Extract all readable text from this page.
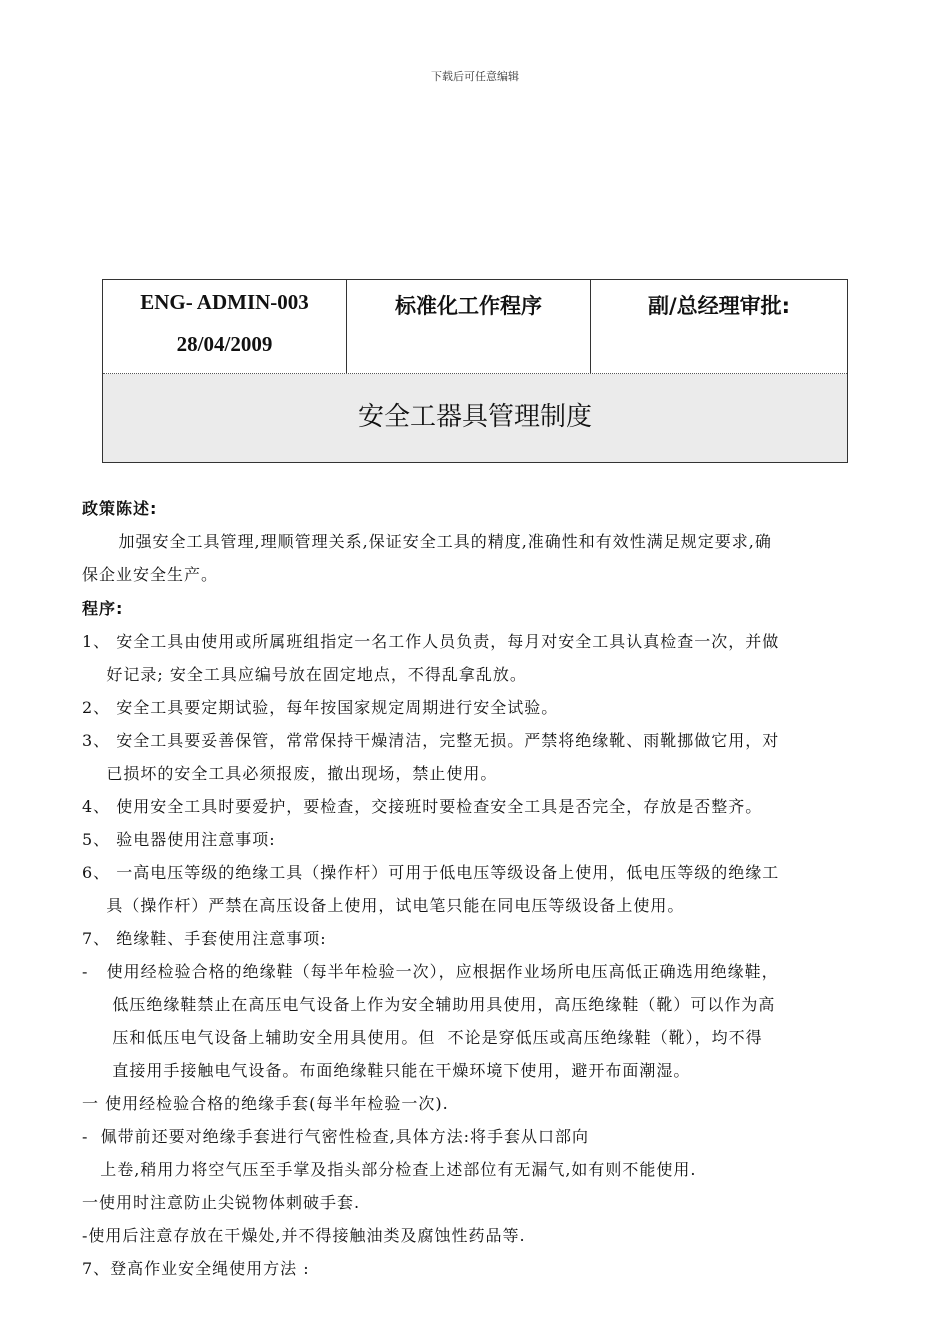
下载后可任意编辑
ENG- ADMIN-003
28/04/2009
标准化工作程序	副/总经理审批:
安全工器具管理制度
政策陈述:
加强安全工具管理,理顺管理关系,保证安全工具的精度,准确性和有效性满足规定要求,确
保企业安全生产。
程序:
1、 安全工具由使用或所属班组指定一名工作人员负责，每月对安全工具认真检查一次，并做
好记录; 安全工具应编号放在固定地点，不得乱拿乱放。
2、 安全工具要定期试验，每年按国家规定周期进行安全试验。
3、 安全工具要妥善保管，常常保持干燥清洁，完整无损。严禁将绝缘靴、雨靴挪做它用，对
已损坏的安全工具必须报废，撤出现场，禁止使用。
4、 使用安全工具时要爱护，要检查，交接班时要检查安全工具是否完全，存放是否整齐。
5、 验电器使用注意事项:
6、 一高电压等级的绝缘工具（操作杆）可用于低电压等级设备上使用，低电压等级的绝缘工
具（操作杆）严禁在高压设备上使用，试电笔只能在同电压等级设备上使用。
7、 绝缘鞋、手套使用注意事项:
-   使用经检验合格的绝缘鞋（每半年检验一次），应根据作业场所电压高低正确选用绝缘鞋，
低压绝缘鞋禁止在高压电气设备上作为安全辅助用具使用，高压绝缘鞋（靴）可以作为高
压和低压电气设备上辅助安全用具使用。但  不论是穿低压或高压绝缘鞋（靴），均不得
直接用手接触电气设备。布面绝缘鞋只能在干燥环境下使用，避开布面潮湿。
一 使用经检验合格的绝缘手套(每半年检验一次).
-  佩带前还要对绝缘手套进行气密性检查,具体方法:将手套从口部向
上卷,稍用力将空气压至手掌及指头部分检查上述部位有无漏气,如有则不能使用.
一使用时注意防止尖锐物体刺破手套.
-使用后注意存放在干燥处,并不得接触油类及腐蚀性药品等.
7、登高作业安全绳使用方法 :
